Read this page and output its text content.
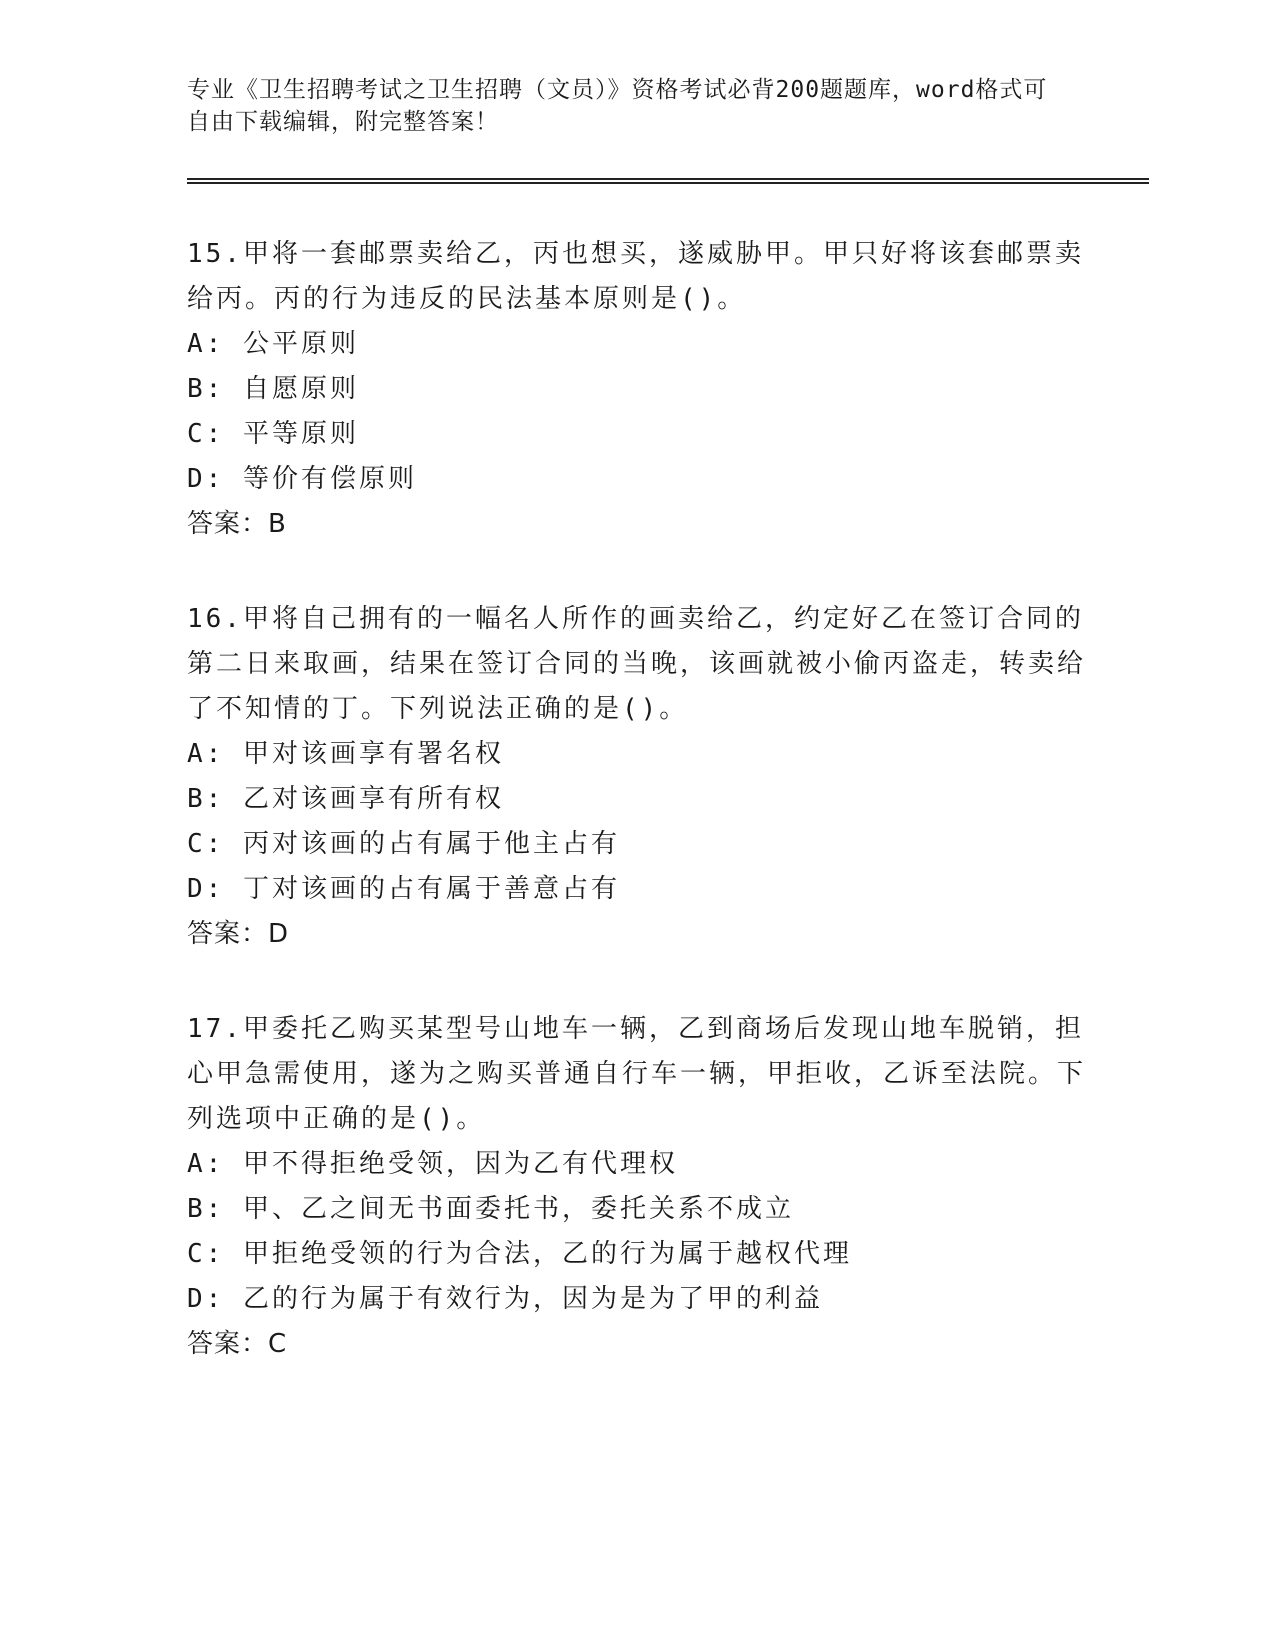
专业《卫生招聘考试之卫生招聘（文员）》资格考试必背200题题库，word格式可自由下载编辑，附完整答案！

15.甲将一套邮票卖给乙，丙也想买，遂威胁甲。甲只好将该套邮票卖给丙。丙的行为违反的民法基本原则是()。

A: 公平原则

B: 自愿原则

C: 平等原则

D: 等价有偿原则

答案：B

16.甲将自己拥有的一幅名人所作的画卖给乙，约定好乙在签订合同的第二日来取画，结果在签订合同的当晚，该画就被小偷丙盗走，转卖给了不知情的丁。下列说法正确的是()。

A: 甲对该画享有署名权

B: 乙对该画享有所有权

C: 丙对该画的占有属于他主占有

D: 丁对该画的占有属于善意占有

答案：D

17.甲委托乙购买某型号山地车一辆，乙到商场后发现山地车脱销，担心甲急需使用，遂为之购买普通自行车一辆，甲拒收，乙诉至法院。下列选项中正确的是()。

A: 甲不得拒绝受领，因为乙有代理权

B: 甲、乙之间无书面委托书，委托关系不成立

C: 甲拒绝受领的行为合法，乙的行为属于越权代理

D: 乙的行为属于有效行为，因为是为了甲的利益

答案：C
